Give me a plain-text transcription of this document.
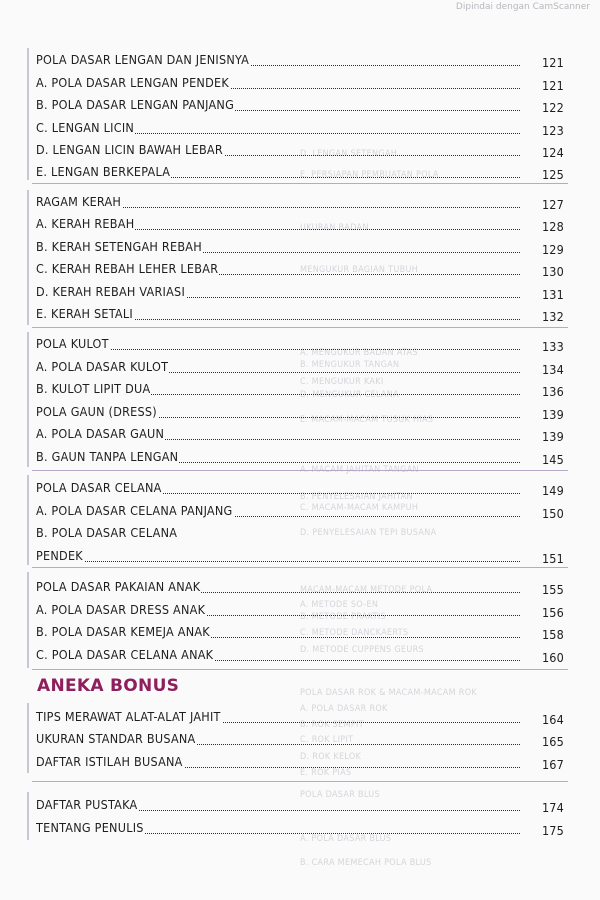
Dipindai dengan CamScanner
D. LENGAN SETENGAH
E. PERSIAPAN PEMBUATAN POLA
UKURAN BADAN
MENGUKUR BAGIAN TUBUH
A. MENGUKUR BADAN ATAS
B. MENGUKUR TANGAN
C. MENGUKUR KAKI
D. MENGUKUR CELANA
E. MACAM-MACAM TUSUK HIAS
A. MACAM JAHITAN TANGAN
B. PENYELESAIAN JAHITAN
C. MACAM-MACAM KAMPUH
D. PENYELESAIAN TEPI BUSANA
MACAM-MACAM METODE POLA
A. METODE SO-EN
B. METODE PRAKTIS
C. METODE DANCKAERTS
D. METODE CUPPENS GEURS
POLA DASAR ROK & MACAM-MACAM ROK
A. POLA DASAR ROK
B. ROK SEMPIT
C. ROK LIPIT
D. ROK KELOK
E. ROK PIAS
POLA DASAR BLUS
A. POLA DASAR BLUS
B. CARA MEMECAH POLA BLUS
ANEKA BONUS
POLA DASAR LENGAN DAN JENISNYA	121
A. POLA DASAR LENGAN PENDEK	121
B. POLA DASAR LENGAN PANJANG	122
C. LENGAN LICIN	123
D. LENGAN LICIN BAWAH LEBAR	124
E. LENGAN BERKEPALA	125
RAGAM KERAH	127
A. KERAH REBAH	128
B. KERAH SETENGAH REBAH	129
C. KERAH REBAH LEHER LEBAR	130
D. KERAH REBAH VARIASI	131
E. KERAH SETALI	132
POLA KULOT	133
A. POLA DASAR KULOT	134
B. KULOT LIPIT DUA	136
POLA GAUN (DRESS)	139
A. POLA DASAR GAUN	139
B. GAUN TANPA LENGAN	145
POLA DASAR CELANA	149
A. POLA DASAR CELANA PANJANG	150
B. POLA DASAR CELANA
PENDEK	151
POLA DASAR PAKAIAN ANAK	155
A. POLA DASAR DRESS ANAK	156
B. POLA DASAR KEMEJA ANAK	158
C. POLA DASAR CELANA ANAK	160
TIPS MERAWAT ALAT-ALAT JAHIT	164
UKURAN STANDAR BUSANA	165
DAFTAR ISTILAH BUSANA	167
DAFTAR PUSTAKA	174
TENTANG PENULIS	175
